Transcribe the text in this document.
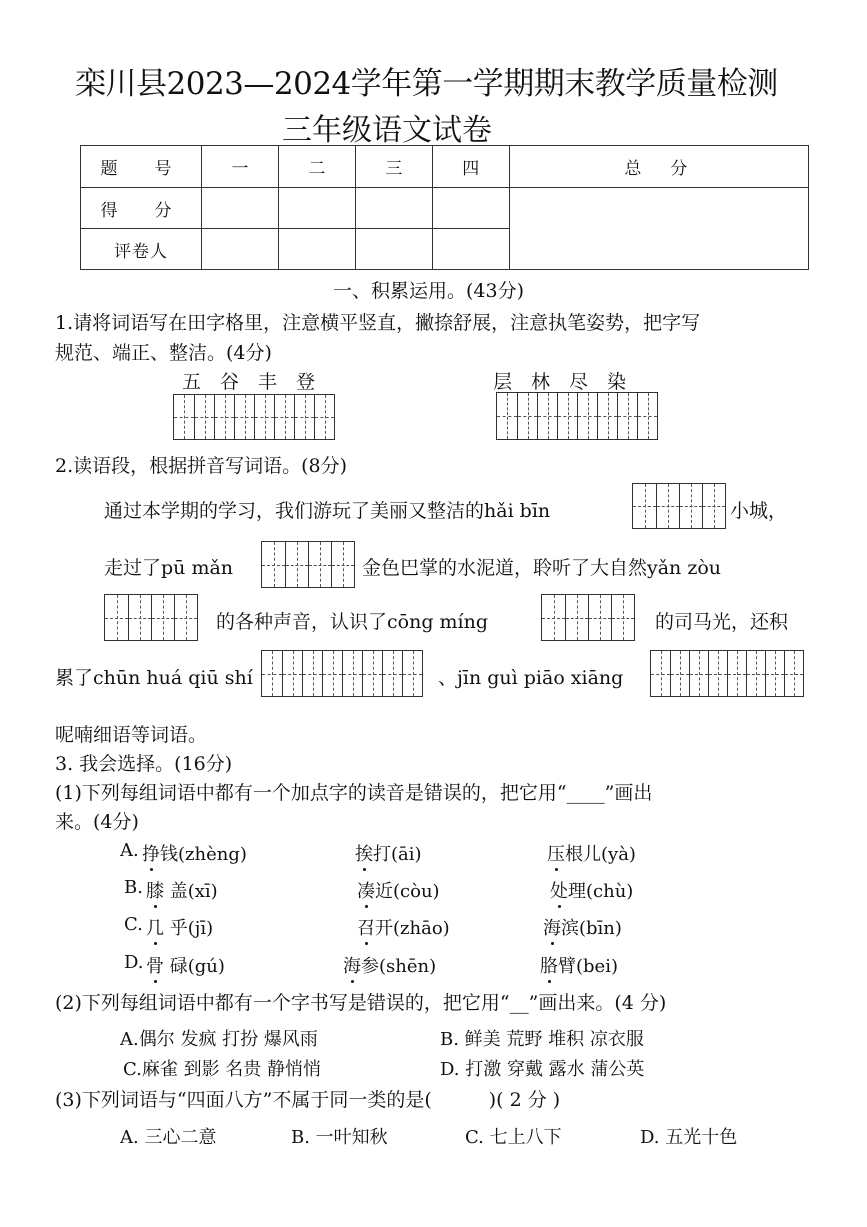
栾川县2023—2024学年第一学期期末教学质量检测
三年级语文试卷
题　号	一	二	三	四	总　分
得　分					
评卷人					
一、积累运用。(43分)
1.请将词语写在田字格里，注意横平竖直，撇捺舒展，注意执笔姿势，把字写
规范、端正、整洁。(4分)
五　谷　丰　登	层　林　尽　染
2.读语段，根据拼音写词语。(8分)
通过本学期的学习，我们游玩了美丽又整洁的hǎi bīn	小城，
走过了pū mǎn	金色巴掌的水泥道，聆听了大自然yǎn zòu
的各种声音，认识了cōng míng	的司马光，还积
累了chūn huá qiū shí	、jīn guì piāo xiāng
呢喃细语等词语。
3. 我会选择。(16分)
(1)下列每组词语中都有一个加点字的读音是错误的，把它用“____”画出
来。(4分)
A. 挣钱(zhèng)	挨打(āi)	压根儿(yà)
B. 膝 盖(xī)	凑近(còu)	处理(chù)
C. 几 乎(jī)	召开(zhāo)	海滨(bīn)
D. 骨 碌(gú)	海参(shēn)	胳臂(bei)
(2)下列每组词语中都有一个字书写是错误的，把它用“__”画出来。(4 分)
A.偶尔 发疯 打扮 爆风雨	B. 鲜美 荒野 堆积 凉衣服
C.麻雀 到影 名贵 静悄悄	D. 打激 穿戴 露水 蒲公英
(3)下列词语与“四面八方”不属于同一类的是(　　　)( 2 分 )
A. 三心二意	B. 一叶知秋	C. 七上八下	D. 五光十色
